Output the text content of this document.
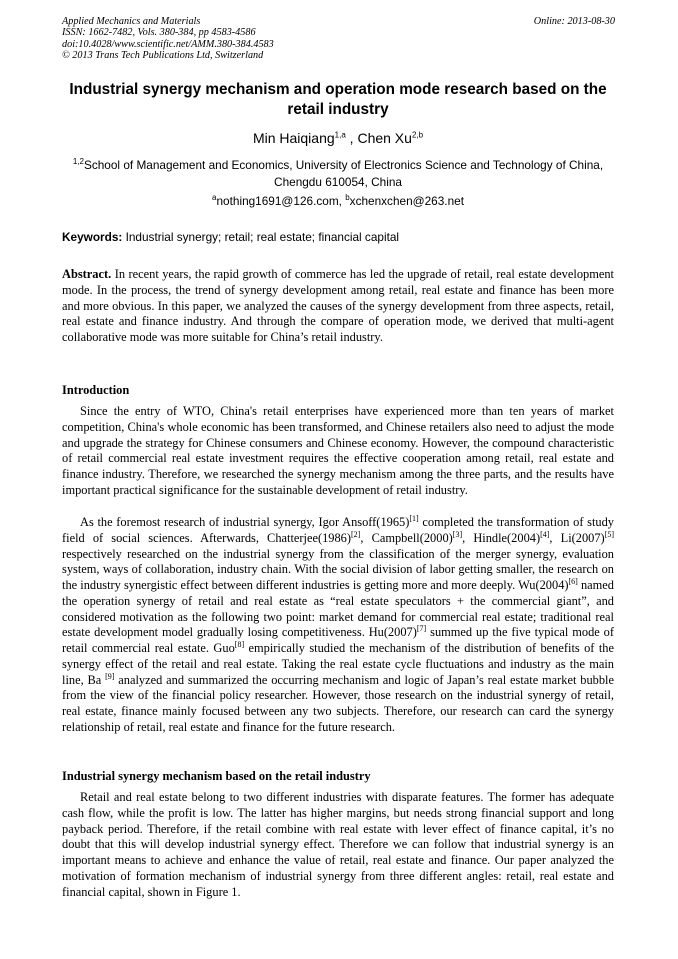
Applied Mechanics and Materials
ISSN: 1662-7482, Vols. 380-384, pp 4583-4586
doi:10.4028/www.scientific.net/AMM.380-384.4583
© 2013 Trans Tech Publications Ltd, Switzerland
Online: 2013-08-30
Industrial synergy mechanism and operation mode research based on the retail industry
Min Haiqiang$^{1,a}$ , Chen Xu$^{2,b}$
$^{1,2}$School of Management and Economics, University of Electronics Science and Technology of China, Chengdu 610054, China
$^a$nothing1691@126.com, $^b$xchenxchen@263.net
Keywords: Industrial synergy; retail; real estate; financial capital

Abstract. In recent years, the rapid growth of commerce has led the upgrade of retail, real estate development mode. In the process, the trend of synergy development among retail, real estate and finance has been more and more obvious. In this paper, we analyzed the causes of the synergy development from three aspects, retail, real estate and finance industry. And through the compare of operation mode, we derived that multi-agent collaborative mode was more suitable for China’s retail industry.

Introduction

Since the entry of WTO, China's retail enterprises have experienced more than ten years of market competition, China's whole economic has been transformed, and Chinese retailers also need to adjust the mode and upgrade the strategy for Chinese consumers and Chinese economy. However, the compound characteristic of retail commercial real estate investment requires the effective cooperation among retail, real estate and finance industry. Therefore, we researched the synergy mechanism among the three parts, and the results have important practical significance for the sustainable development of retail industry.

As the foremost research of industrial synergy, Igor Ansoff(1965)[1] completed the transformation of study field of social sciences. Afterwards, Chatterjee(1986)[2], Campbell(2000)[3], Hindle(2004)[4], Li(2007)[5] respectively researched on the industrial synergy from the classification of the merger synergy, evaluation system, ways of collaboration, industry chain. With the social division of labor getting smaller, the research on the industry synergistic effect between different industries is getting more and more deeply. Wu(2004)[6] named the operation synergy of retail and real estate as “real estate speculators + the commercial giant”, and considered motivation as the following two point: market demand for commercial real estate; traditional real estate development model gradually losing competitiveness. Hu(2007)[7] summed up the five typical mode of retail commercial real estate. Guo[8] empirically studied the mechanism of the distribution of benefits of the synergy effect of the retail and real estate. Taking the real estate cycle fluctuations and industry as the main line, Ba [9] analyzed and summarized the occurring mechanism and logic of Japan’s real estate market bubble from the view of the financial policy researcher. However, those research on the industrial synergy of retail, real estate, finance mainly focused between any two subjects. Therefore, our research can card the synergy relationship of retail, real estate and finance for the future research.

Industrial synergy mechanism based on the retail industry

Retail and real estate belong to two different industries with disparate features. The former has adequate cash flow, while the profit is low. The latter has higher margins, but needs strong financial support and long payback period. Therefore, if the retail combine with real estate with lever effect of finance capital, it’s no doubt that this will develop industrial synergy effect. Therefore we can follow that industrial synergy is an important means to achieve and enhance the value of retail, real estate and finance. Our paper analyzed the motivation of formation mechanism of industrial synergy from three different angles: retail, real estate and financial capital, shown in Figure 1.
